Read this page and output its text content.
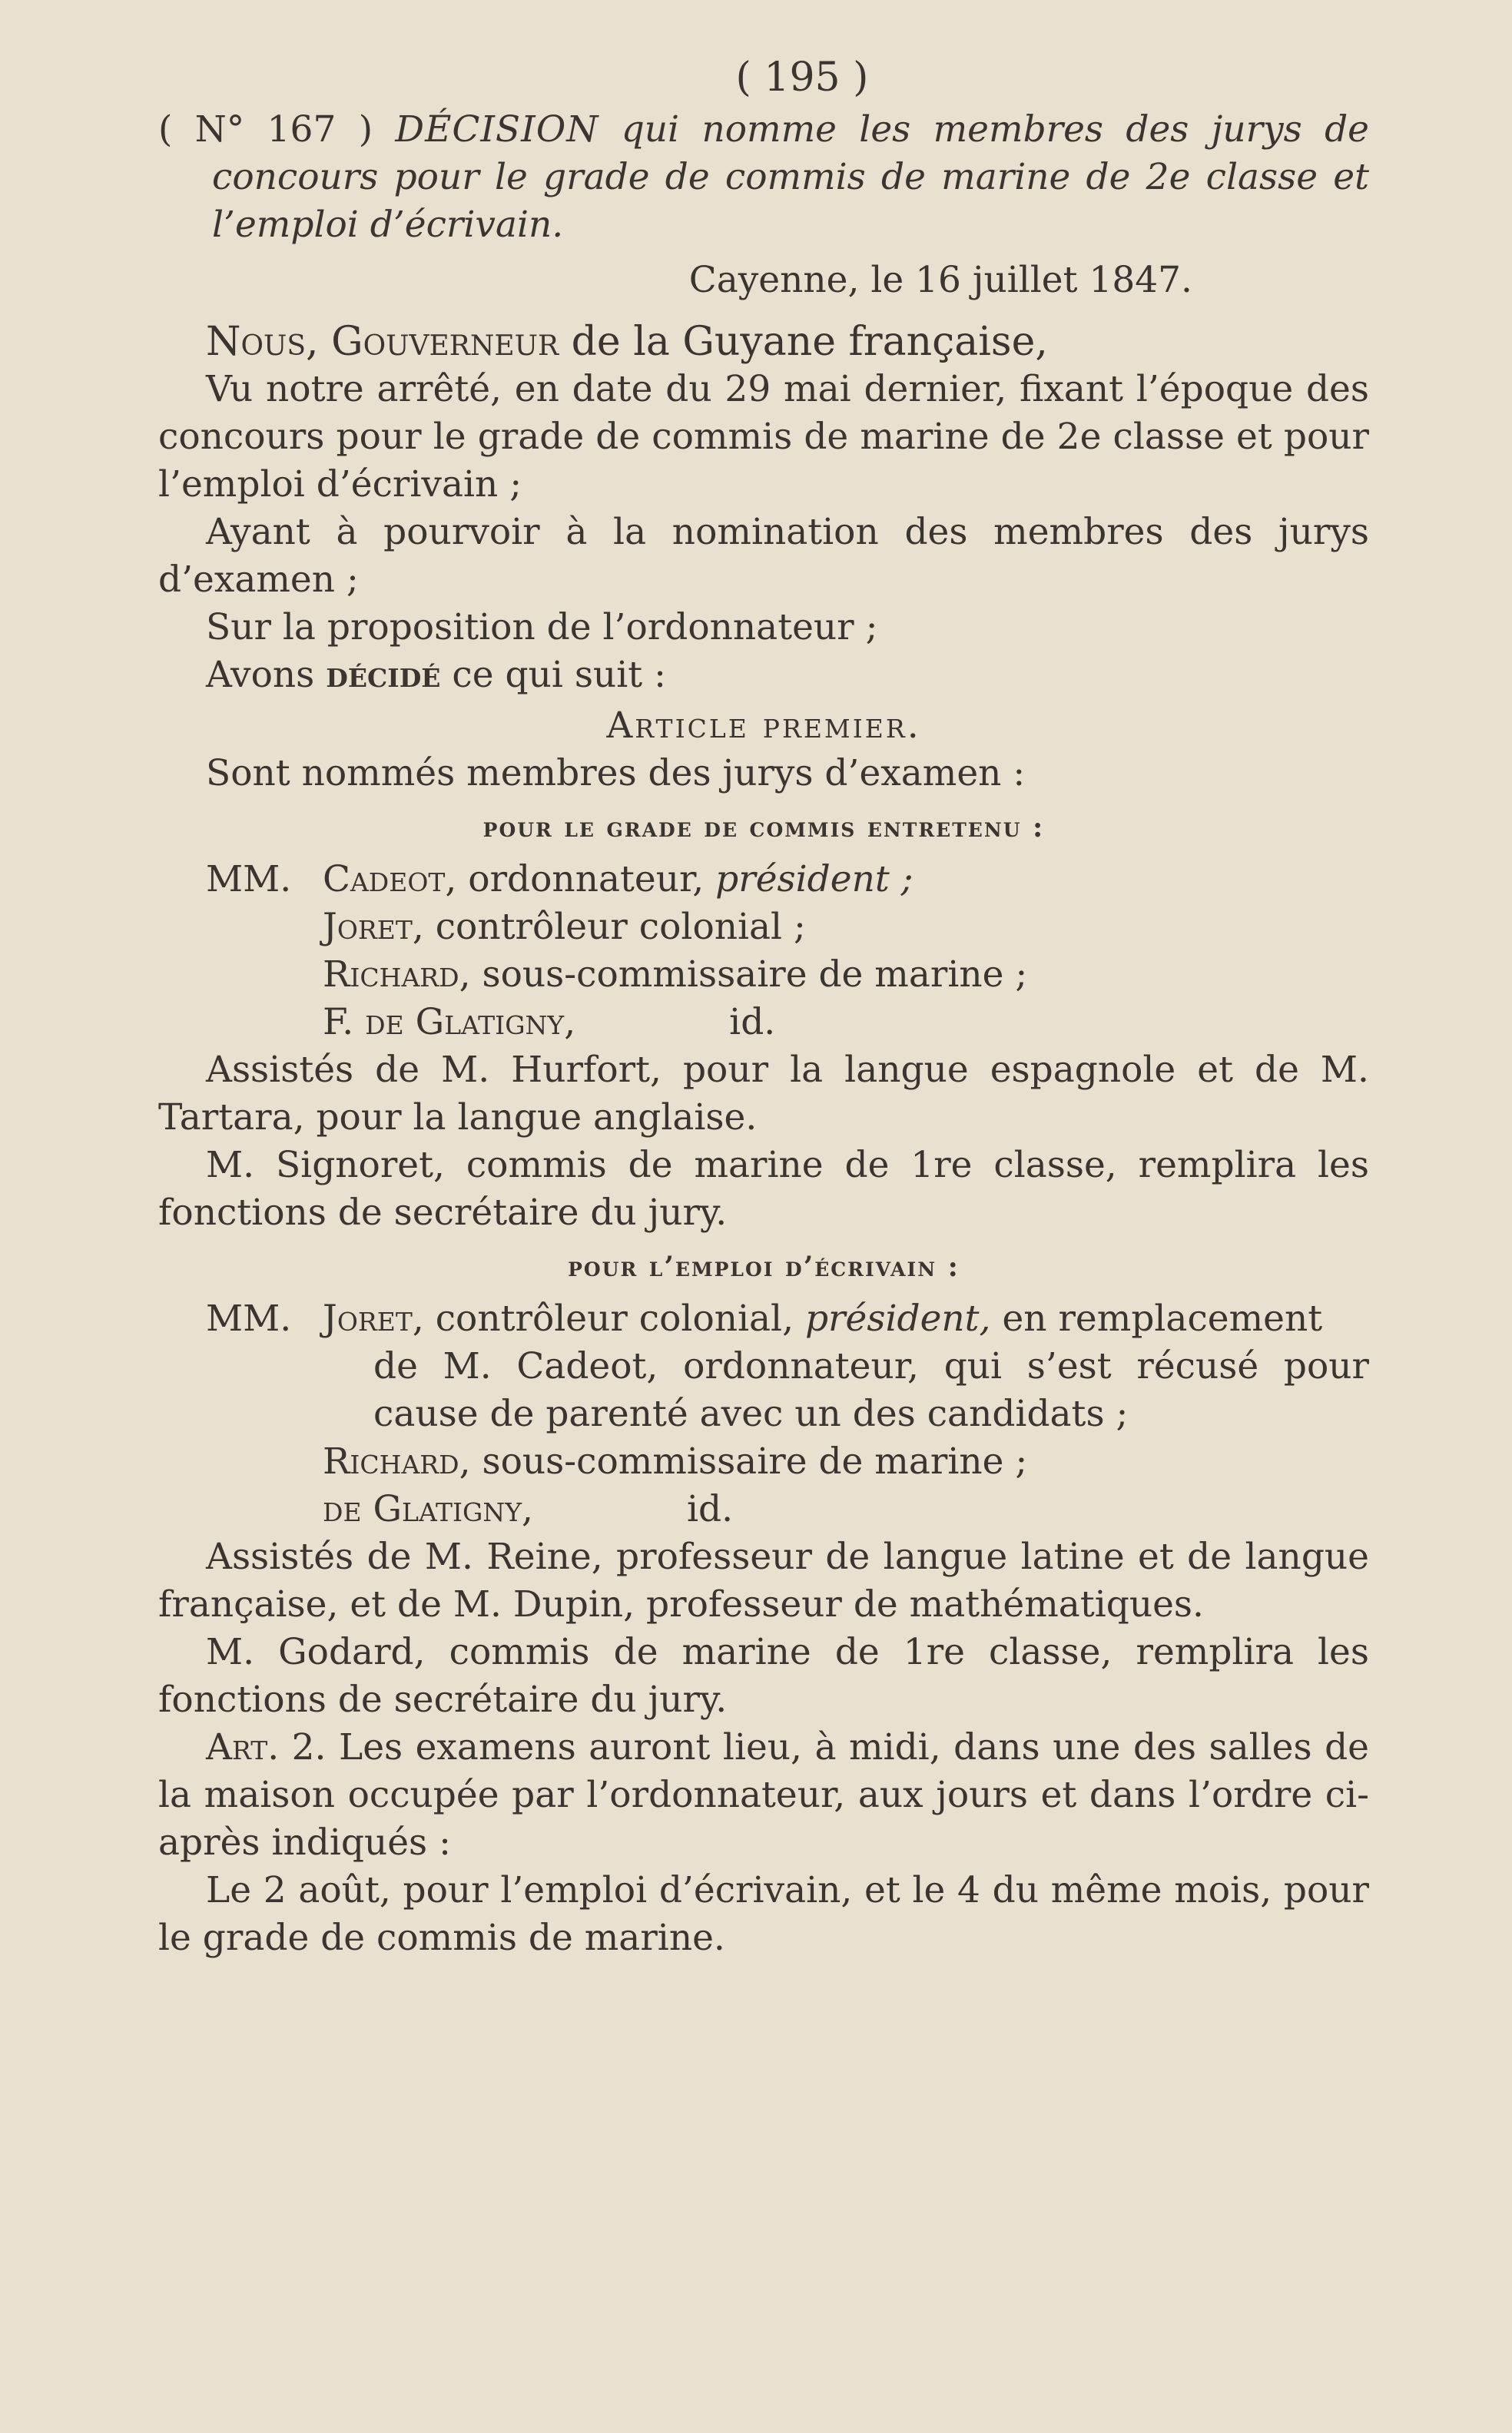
( 195 )

( N° 167 ) DÉCISION qui nomme les membres des jurys de concours pour le grade de commis de marine de 2e classe et l’emploi d’écrivain.

Cayenne, le 16 juillet 1847.

Nous, Gouverneur de la Guyane française,

Vu notre arrêté, en date du 29 mai dernier, fixant l’époque des concours pour le grade de commis de marine de 2e classe et pour l’emploi d’écrivain ;

Ayant à pourvoir à la nomination des membres des jurys d’examen ;

Sur la proposition de l’ordonnateur ;

Avons décidé ce qui suit :

Article premier.

Sont nommés membres des jurys d’examen :

pour le grade de commis entretenu :
MM. Cadeot, ordonnateur, président ;
Joret, contrôleur colonial ;
Richard, sous-commissaire de marine ;
F. de Glatigny,	id.

Assistés de M. Hurfort, pour la langue espagnole et de M. Tartara, pour la langue anglaise.

M. Signoret, commis de marine de 1re classe, remplira les fonctions de secrétaire du jury.

pour l’emploi d’écrivain :
MM. Joret, contrôleur colonial, président, en remplacement

de M. Cadeot, ordonnateur, qui s’est récusé pour cause de parenté avec un des candidats ;

Richard, sous-commissaire de marine ;
de Glatigny,	id.

Assistés de M. Reine, professeur de langue latine et de langue française, et de M. Dupin, professeur de mathématiques.

M. Godard, commis de marine de 1re classe, remplira les fonctions de secrétaire du jury.

Art. 2. Les examens auront lieu, à midi, dans une des salles de la maison occupée par l’ordonnateur, aux jours et dans l’ordre ci-après indiqués :

Le 2 août, pour l’emploi d’écrivain, et le 4 du même mois, pour le grade de commis de marine.
